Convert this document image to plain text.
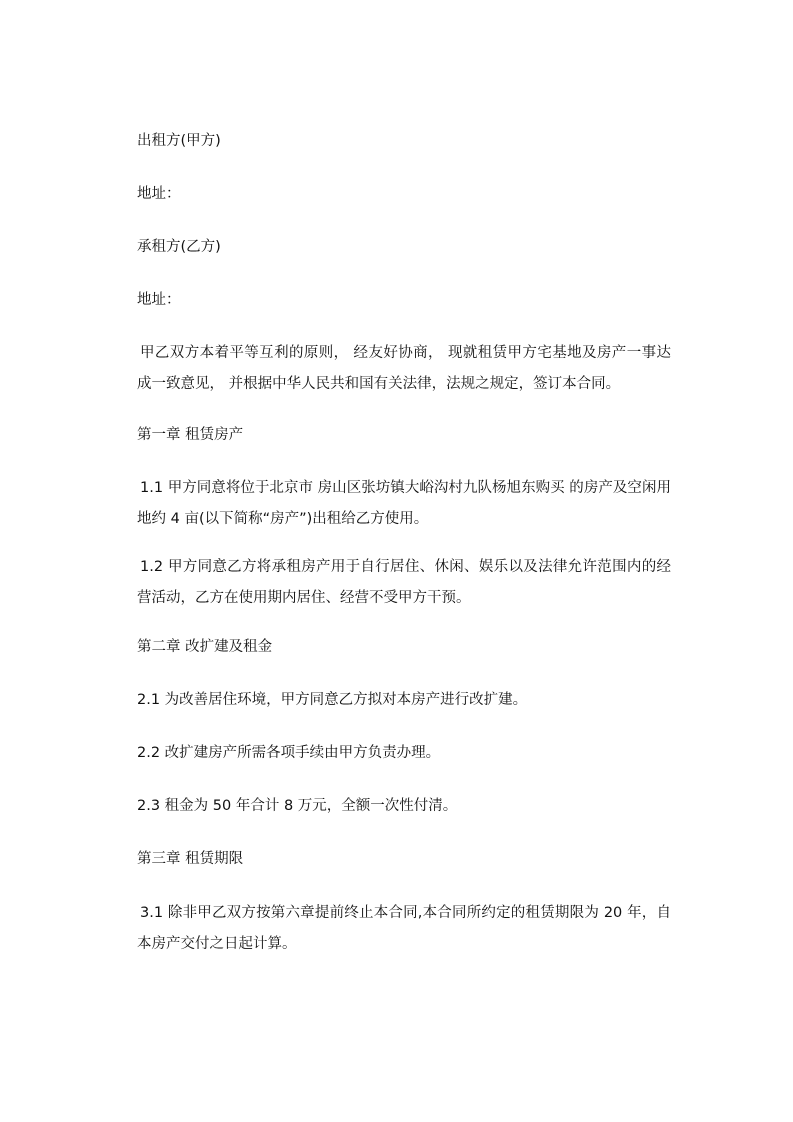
出租方(甲方)
地址：
承租方(乙方)
地址：
甲乙双方本着平等互利的原则， 经友好协商， 现就租赁甲方宅基地及房产一事达成一致意见， 并根据中华人民共和国有关法律，法规之规定，签订本合同。
第一章 租赁房产
1.1 甲方同意将位于北京市 房山区张坊镇大峪沟村九队杨旭东购买 的房产及空闲用地约 4 亩(以下简称“房产”)出租给乙方使用。
1.2 甲方同意乙方将承租房产用于自行居住、休闲、娱乐以及法律允许范围内的经营活动，乙方在使用期内居住、经营不受甲方干预。
第二章 改扩建及租金
2.1 为改善居住环境，甲方同意乙方拟对本房产进行改扩建。
2.2 改扩建房产所需各项手续由甲方负责办理。
2.3 租金为 50 年合计 8 万元，全额一次性付清。
第三章 租赁期限
3.1 除非甲乙双方按第六章提前终止本合同,本合同所约定的租赁期限为 20 年，自本房产交付之日起计算。
